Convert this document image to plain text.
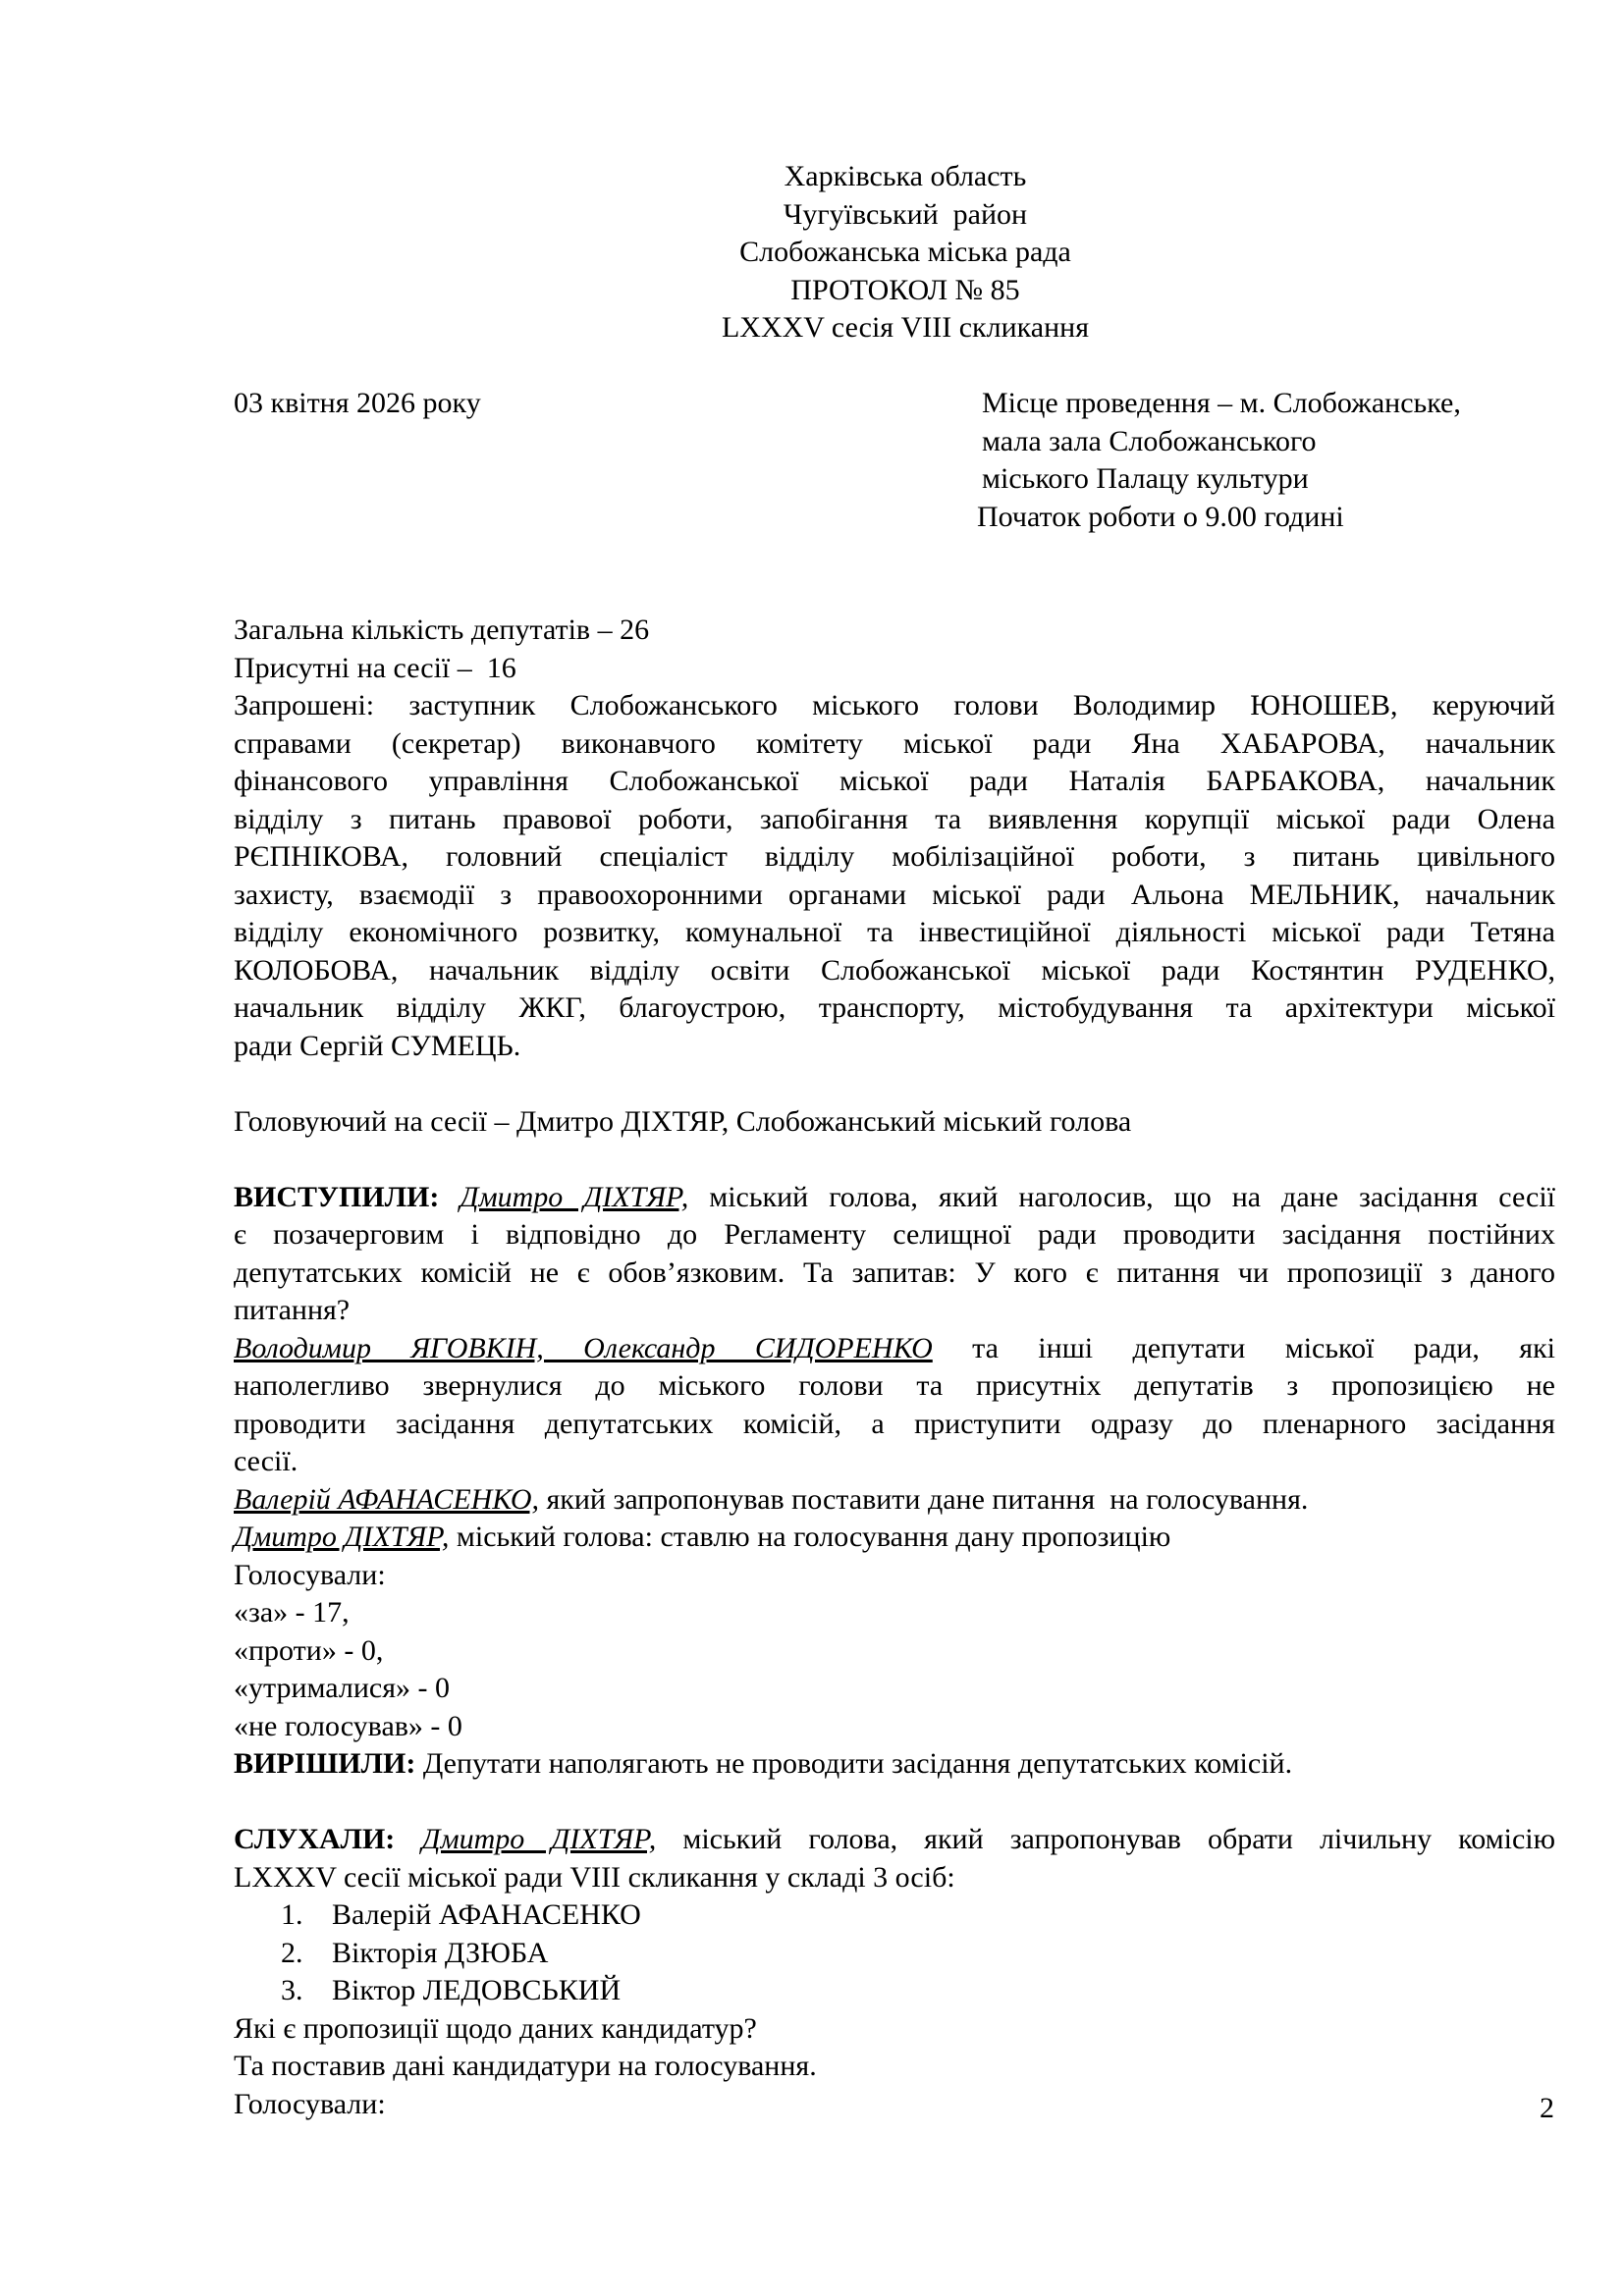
Харківська область
Чугуївський  район
Слобожанська міська рада
ПРОТОКОЛ № 85
LXXXV сесія VIII скликання
03 квітня 2026 року	Місце проведення – м. Слобожанське,
мала зала Слобожанського
міського Палацу культури
Початок роботи о 9.00 годині
Загальна кількість депутатів – 26
Присутні на сесії –  16
Запрошені: заступник Слобожанського міського голови Володимир ЮНОШЕВ, керуючий
справами (секретар) виконавчого комітету міської ради Яна ХАБАРОВА, начальник
фінансового управління Слобожанської міської ради Наталія БАРБАКОВА, начальник
відділу з питань правової роботи, запобігання та виявлення корупції міської ради Олена
РЄПНІКОВА, головний спеціаліст відділу мобілізаційної роботи, з питань цивільного
захисту, взаємодії з правоохоронними органами міської ради Альона МЕЛЬНИК, начальник
відділу економічного розвитку, комунальної та інвестиційної діяльності міської ради Тетяна
КОЛОБОВА, начальник відділу освіти Слобожанської міської ради Костянтин РУДЕНКО,
начальник відділу ЖКГ, благоустрою, транспорту, містобудування та архітектури міської
ради Сергій СУМЕЦЬ.
Головуючий на сесії – Дмитро ДІХТЯР, Слобожанський міський голова
ВИСТУПИЛИ: Дмитро ДІХТЯР, міський голова, який наголосив, що на дане засідання сесії
є позачерговим і відповідно до Регламенту селищної ради проводити засідання постійних
депутатських комісій не є обов’язковим. Та запитав: У кого є питання чи пропозиції з даного
питання?
Володимир ЯГОВКІН, Олександр СИДОРЕНКО та інші депутати міської ради, які
наполегливо звернулися до міського голови та присутніх депутатів з пропозицією не
проводити засідання депутатських комісій, а приступити одразу до пленарного засідання
сесії.
Валерій АФАНАСЕНКО, який запропонував поставити дане питання  на голосування.
Дмитро ДІХТЯР, міський голова: ставлю на голосування дану пропозицію
Голосували:
«за» - 17,
«проти» - 0,
«утрималися» - 0
«не голосував» - 0
ВИРІШИЛИ: Депутати наполягають не проводити засідання депутатських комісій.
СЛУХАЛИ: Дмитро ДІХТЯР, міський голова, який запропонував обрати лічильну комісію
LXXXV сесії міської ради VIII скликання у складі 3 осіб:
1. Валерій АФАНАСЕНКО
2. Вікторія ДЗЮБА
3. Віктор ЛЕДОВСЬКИЙ
Які є пропозиції щодо даних кандидатур?
Та поставив дані кандидатури на голосування.
Голосували:	2
